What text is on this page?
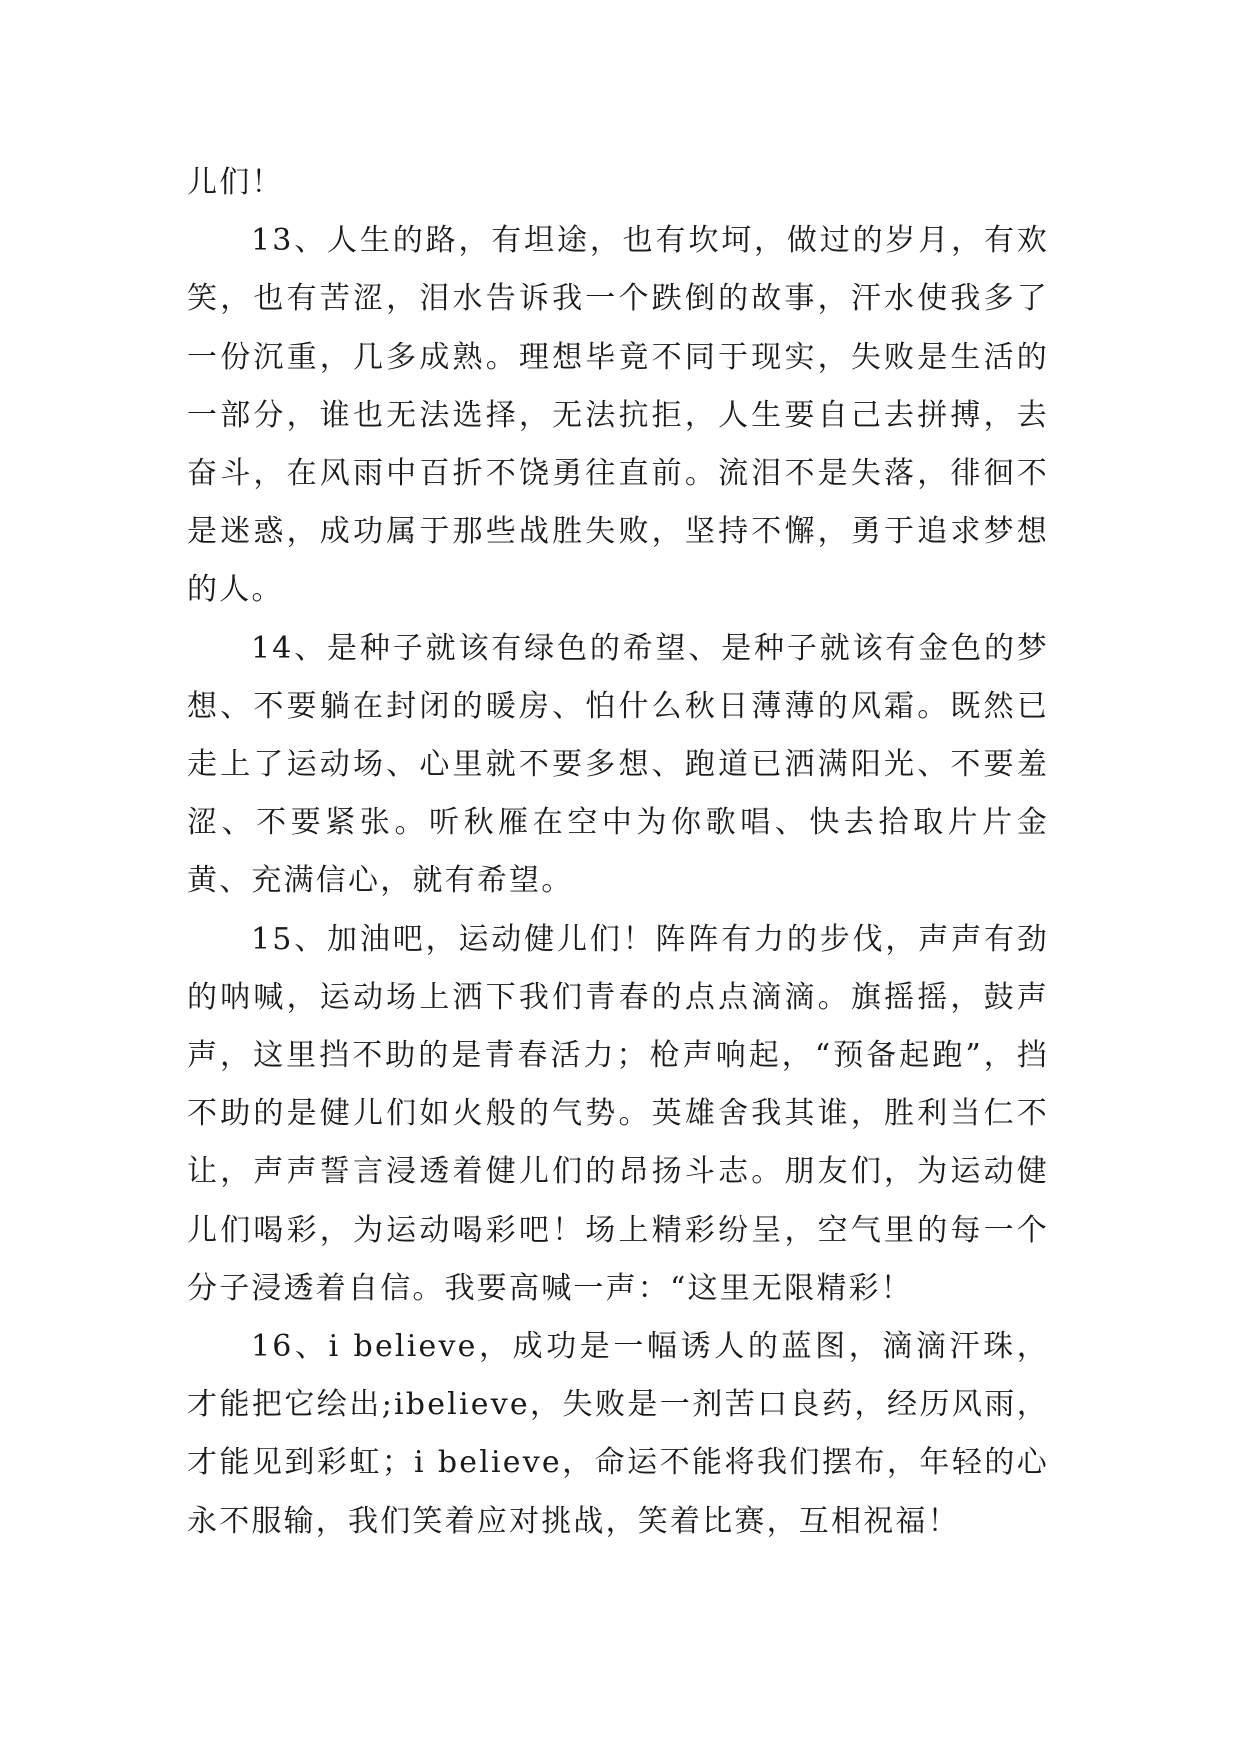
儿们！

13、人生的路，有坦途，也有坎坷，做过的岁月，有欢笑，也有苦涩，泪水告诉我一个跌倒的故事，汗水使我多了一份沉重，几多成熟。理想毕竟不同于现实，失败是生活的一部分，谁也无法选择，无法抗拒，人生要自己去拼搏，去奋斗，在风雨中百折不饶勇往直前。流泪不是失落，徘徊不是迷惑，成功属于那些战胜失败，坚持不懈，勇于追求梦想的人。

14、是种子就该有绿色的希望、是种子就该有金色的梦想、不要躺在封闭的暖房、怕什么秋日薄薄的风霜。既然已走上了运动场、心里就不要多想、跑道已洒满阳光、不要羞涩、不要紧张。听秋雁在空中为你歌唱、快去拾取片片金黄、充满信心，就有希望。

15、加油吧，运动健儿们！阵阵有力的步伐，声声有劲的呐喊，运动场上洒下我们青春的点点滴滴。旗摇摇，鼓声声，这里挡不助的是青春活力；枪声响起，“预备起跑”，挡不助的是健儿们如火般的气势。英雄舍我其谁，胜利当仁不让，声声誓言浸透着健儿们的昂扬斗志。朋友们，为运动健儿们喝彩，为运动喝彩吧！场上精彩纷呈，空气里的每一个分子浸透着自信。我要高喊一声：“这里无限精彩！

16、i believe，成功是一幅诱人的蓝图，滴滴汗珠，才能把它绘出;ibelieve，失败是一剂苦口良药，经历风雨，才能见到彩虹；i believe，命运不能将我们摆布，年轻的心永不服输，我们笑着应对挑战，笑着比赛，互相祝福！
